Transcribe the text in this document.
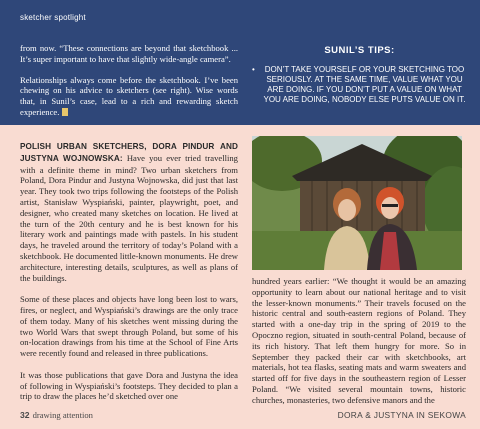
sketcher spotlight

from now. “These connections are beyond that sketchbook ... It’s super important to have that slightly wide-angle camera”.

Relationships always come before the sketchbook. I’ve been chewing on his advice to sketchers (see right). Wise words that, in Sunil’s case, lead to a rich and rewarding sketch experience.

SUNIL’S TIPS:
•	DON’T TAKE YOURSELF OR YOUR SKETCHING TOO SERIOUSLY. AT THE SAME TIME, VALUE WHAT YOU ARE DOING. IF YOU DON’T PUT A VALUE ON WHAT YOU ARE DOING, NOBODY ELSE PUTS VALUE ON IT.

POLISH URBAN SKETCHERS, DORA PINDUR AND JUSTYNA WOJNOWSKA: Have you ever tried travelling with a definite theme in mind? Two urban sketchers from Poland, Dora Pindur and Justyna Wojnowska, did just that last year. They took two trips following the footsteps of the Polish artist, Stanisław Wyspiański, painter, playwright, poet, and designer, who created many sketches on location. He lived at the turn of the 20th century and he is best known for his literary work and paintings made with pastels. In his student days, he traveled around the territory of today’s Poland with a sketchbook. He documented little-known monuments. He drew architecture, interesting details, sculptures, as well as plans of the buildings.

Some of these places and objects have long been lost to wars, fires, or neglect, and Wyspiański’s drawings are the only trace of them today. Many of his sketches went missing during the two World Wars that swept through Poland, but some of his on-location drawings from his time at the School of Fine Arts were recently found and released in three publications.

It was those publications that gave Dora and Justyna the idea of following in Wyspiański’s footsteps. They decided to plan a trip to draw the places he’d sketched over one

hundred years earlier: “We thought it would be an amazing opportunity to learn about our national heritage and to visit the lesser-known monuments.” Their travels focused on the historic central and south-eastern regions of Poland. They started with a one-day trip in the spring of 2019 to the Opoczno region, situated in south-central Poland, because of its rich history. That left them hungry for more. So in September they packed their car with sketchbooks, art materials, hot tea flasks, seating mats and warm sweaters and started off for five days in the southeastern region of Lesser Poland. “We visited several mountain towns, historic churches, monasteries, two defensive manors and the

32 drawing attention	DORA & JUSTYNA IN SEKOWA
